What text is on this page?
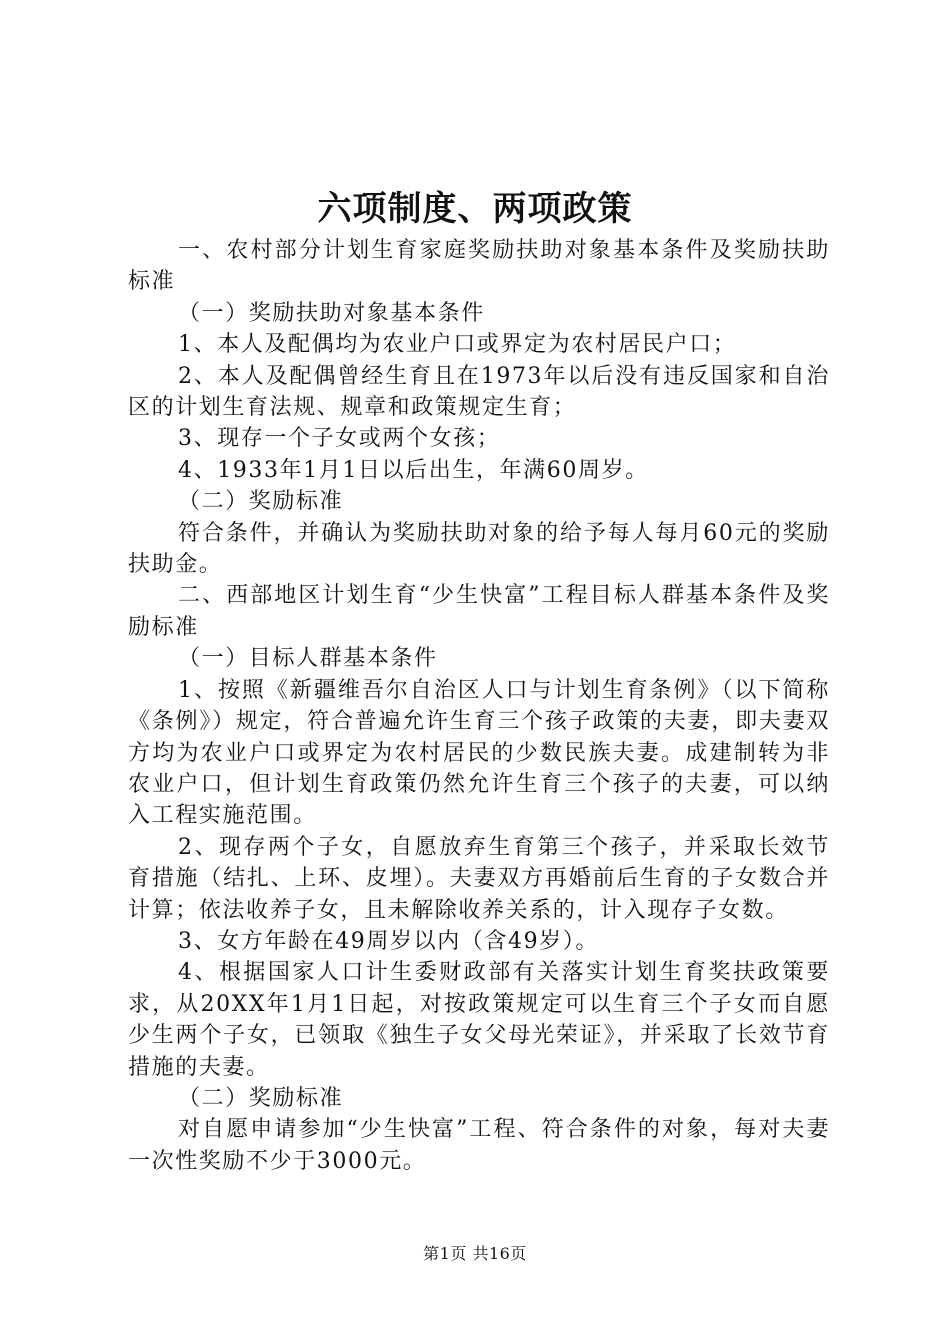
六项制度、两项政策

一、农村部分计划生育家庭奖励扶助对象基本条件及奖励扶助标准

（一）奖励扶助对象基本条件

1、本人及配偶均为农业户口或界定为农村居民户口；

2、本人及配偶曾经生育且在1973年以后没有违反国家和自治区的计划生育法规、规章和政策规定生育；

3、现存一个子女或两个女孩；

4、1933年1月1日以后出生，年满60周岁。

（二）奖励标准

符合条件，并确认为奖励扶助对象的给予每人每月60元的奖励扶助金。

二、西部地区计划生育“少生快富”工程目标人群基本条件及奖励标准

（一）目标人群基本条件

1、按照《新疆维吾尔自治区人口与计划生育条例》（以下简称《条例》）规定，符合普遍允许生育三个孩子政策的夫妻，即夫妻双方均为农业户口或界定为农村居民的少数民族夫妻。成建制转为非农业户口，但计划生育政策仍然允许生育三个孩子的夫妻，可以纳入工程实施范围。

2、现存两个子女，自愿放弃生育第三个孩子，并采取长效节育措施（结扎、上环、皮埋）。夫妻双方再婚前后生育的子女数合并计算；依法收养子女，且未解除收养关系的，计入现存子女数。

3、女方年龄在49周岁以内（含49岁）。

4、根据国家人口计生委财政部有关落实计划生育奖扶政策要求，从20XX年1月1日起，对按政策规定可以生育三个子女而自愿少生两个子女，已领取《独生子女父母光荣证》，并采取了长效节育措施的夫妻。

（二）奖励标准

对自愿申请参加“少生快富”工程、符合条件的对象，每对夫妻一次性奖励不少于3000元。

第1页 共16页
